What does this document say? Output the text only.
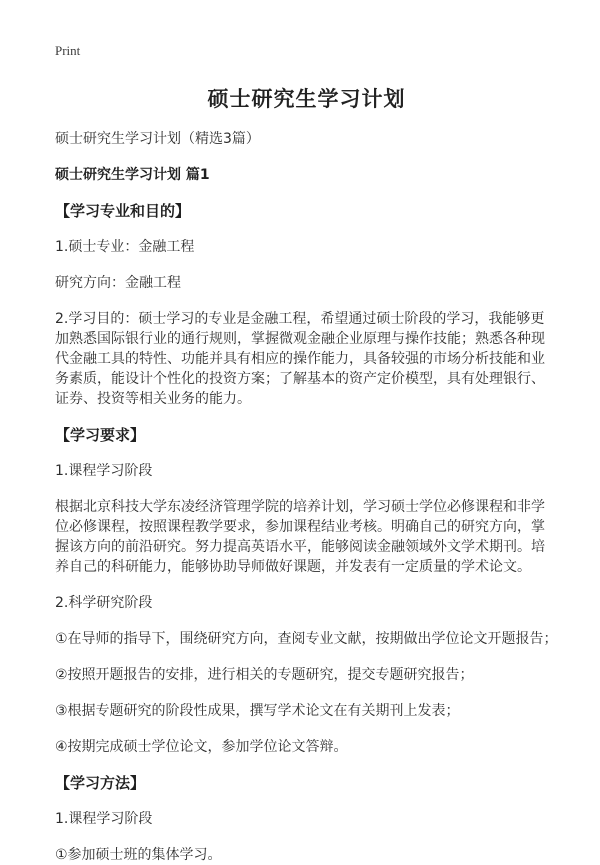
Print
硕士研究生学习计划

硕士研究生学习计划（精选3篇）

硕士研究生学习计划 篇1

【学习专业和目的】

1.硕士专业：金融工程

研究方向：金融工程

2.学习目的：硕士学习的专业是金融工程，希望通过硕士阶段的学习，我能够更加熟悉国际银行业的通行规则，掌握微观金融企业原理与操作技能；熟悉各种现代金融工具的特性、功能并具有相应的操作能力，具备较强的市场分析技能和业务素质，能设计个性化的投资方案；了解基本的资产定价模型，具有处理银行、证券、投资等相关业务的能力。

【学习要求】

1.课程学习阶段

根据北京科技大学东凌经济管理学院的培养计划，学习硕士学位必修课程和非学位必修课程，按照课程教学要求，参加课程结业考核。明确自己的研究方向，掌握该方向的前沿研究。努力提高英语水平，能够阅读金融领域外文学术期刊。培养自己的科研能力，能够协助导师做好课题，并发表有一定质量的学术论文。

2.科学研究阶段

①在导师的指导下，围绕研究方向，查阅专业文献，按期做出学位论文开题报告；

②按照开题报告的安排，进行相关的专题研究，提交专题研究报告；

③根据专题研究的阶段性成果，撰写学术论文在有关期刊上发表；

④按期完成硕士学位论文，参加学位论文答辩。

【学习方法】

1.课程学习阶段

①参加硕士班的集体学习。
